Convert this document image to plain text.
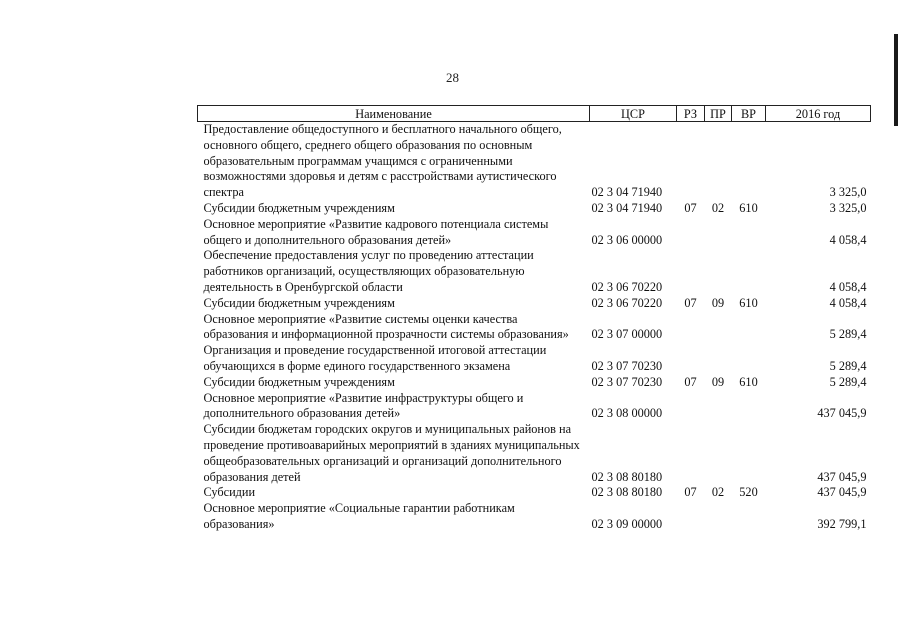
28
Наименование	ЦСР	РЗ	ПР	ВР	2016 год
Предоставление общедоступного и бесплатного начального общего, основного общего, среднего общего образования по основным образовательным программам учащимся с ограниченными возможностями здоровья и детям с расстройствами аутистического спектра	02 3 04 71940				3 325,0
Субсидии бюджетным учреждениям	02 3 04 71940	07	02	610	3 325,0
Основное мероприятие «Развитие кадрового потенциала системы общего и дополнительного образования детей»	02 3 06 00000				4 058,4
Обеспечение предоставления услуг по проведению аттестации работников организаций, осуществляющих образовательную деятельность в Оренбургской области	02 3 06 70220				4 058,4
Субсидии бюджетным учреждениям	02 3 06 70220	07	09	610	4 058,4
Основное мероприятие «Развитие системы оценки качества образования и информационной прозрачности системы образования»	02 3 07 00000				5 289,4
Организация и проведение государственной итоговой аттестации обучающихся в форме единого государственного экзамена	02 3 07 70230				5 289,4
Субсидии бюджетным учреждениям	02 3 07 70230	07	09	610	5 289,4
Основное мероприятие «Развитие инфраструктуры общего и дополнительного образования детей»	02 3 08 00000				437 045,9
Субсидии бюджетам городских округов и муниципальных районов на проведение противоаварийных мероприятий в зданиях муниципальных общеобразовательных организаций и организаций дополнительного образования детей	02 3 08 80180				437 045,9
Субсидии	02 3 08 80180	07	02	520	437 045,9
Основное мероприятие «Социальные гарантии работникам образования»	02 3 09 00000				392 799,1
